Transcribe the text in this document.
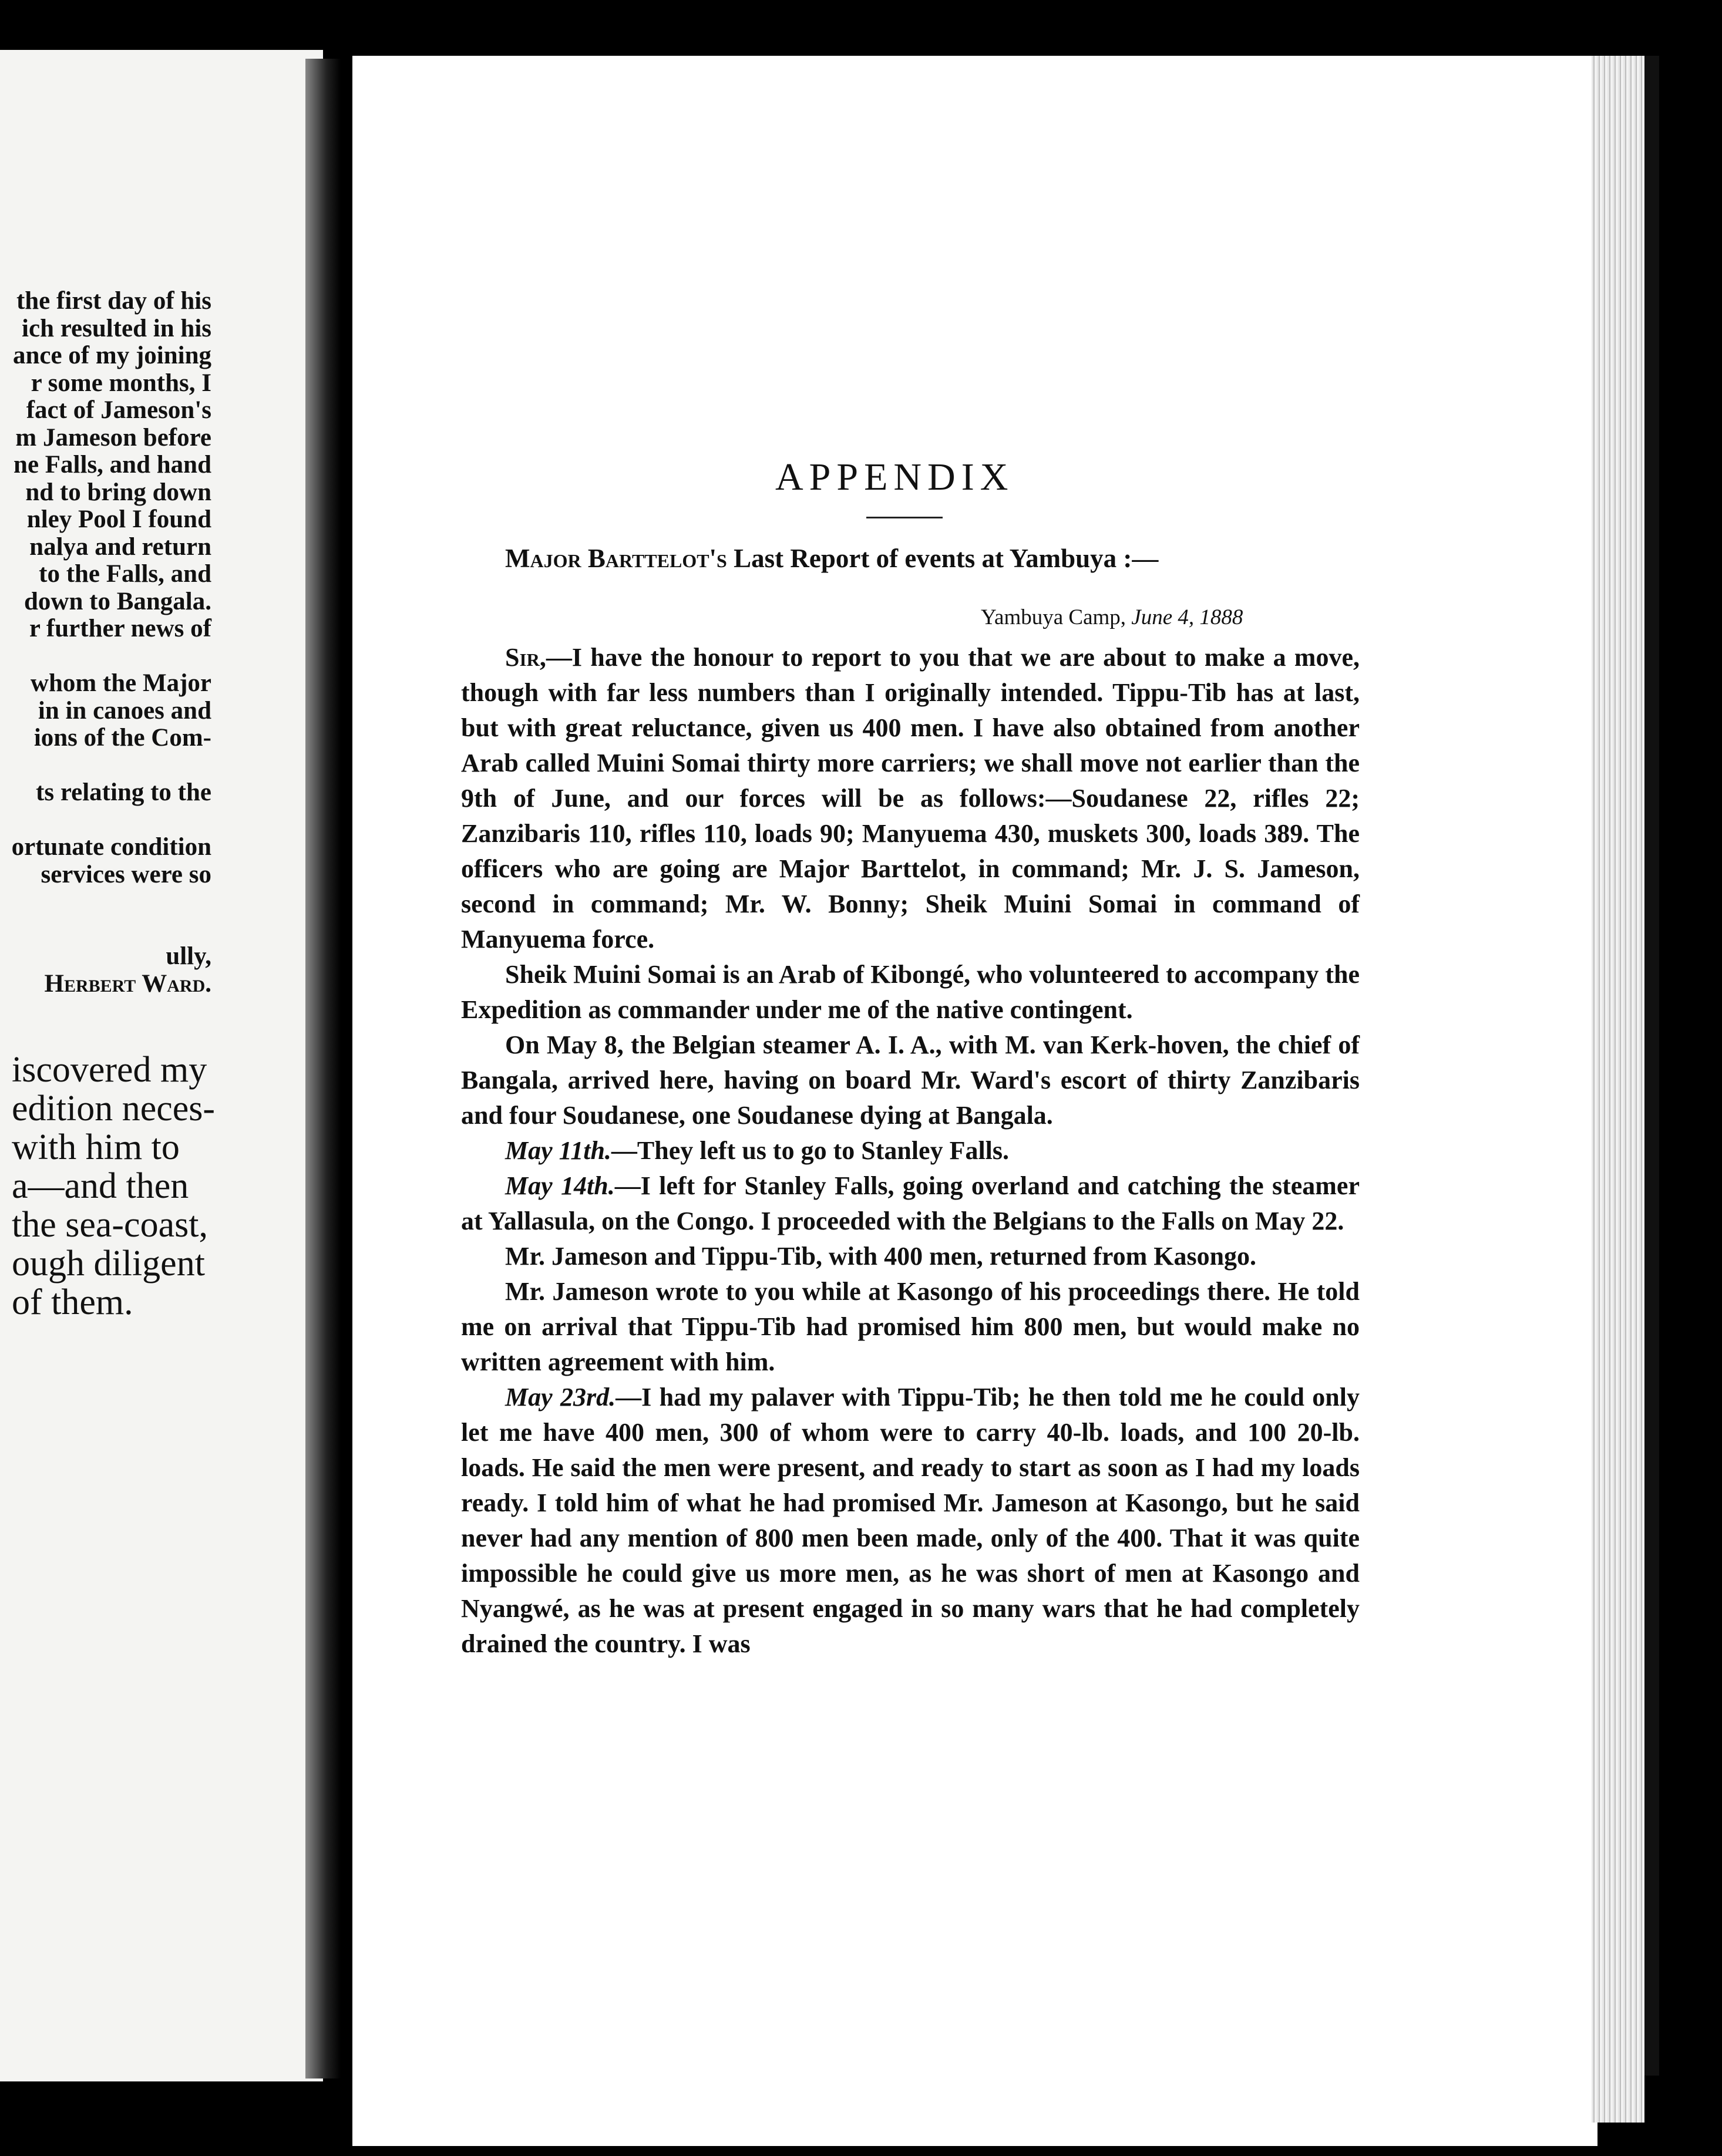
the first day of his
ich resulted in his
ance of my joining
r some months, I
fact of Jameson's
m Jameson before
ne Falls, and hand
nd to bring down
nley Pool I found
nalya and return
to the Falls, and
down to Bangala.
r further news of

whom the Major
in in canoes and
ions of the Com-

ts relating to the

ortunate condition
services were so

ully,
Herbert Ward.
iscovered my
edition neces-
with him to
a—and then
the sea-coast,
ough diligent
of them.
APPENDIX
Major Barttelot's Last Report of events at Yambuya :—
Yambuya Camp, June 4, 1888

Sir,—I have the honour to report to you that we are about to make a move, though with far less numbers than I originally intended. Tippu-Tib has at last, but with great reluctance, given us 400 men. I have also obtained from another Arab called Muini Somai thirty more carriers; we shall move not earlier than the 9th of June, and our forces will be as follows:—Soudanese 22, rifles 22; Zanzibaris 110, rifles 110, loads 90; Manyuema 430, muskets 300, loads 389. The officers who are going are Major Barttelot, in command; Mr. J. S. Jameson, second in command; Mr. W. Bonny; Sheik Muini Somai in command of Manyuema force.

Sheik Muini Somai is an Arab of Kibongé, who volunteered to accompany the Expedition as commander under me of the native contingent.

On May 8, the Belgian steamer A. I. A., with M. van Kerk-hoven, the chief of Bangala, arrived here, having on board Mr. Ward's escort of thirty Zanzibaris and four Soudanese, one Soudanese dying at Bangala.

May 11th.—They left us to go to Stanley Falls.

May 14th.—I left for Stanley Falls, going overland and catching the steamer at Yallasula, on the Congo. I proceeded with the Belgians to the Falls on May 22.

Mr. Jameson and Tippu-Tib, with 400 men, returned from Kasongo.

Mr. Jameson wrote to you while at Kasongo of his proceedings there. He told me on arrival that Tippu-Tib had promised him 800 men, but would make no written agreement with him.

May 23rd.—I had my palaver with Tippu-Tib; he then told me he could only let me have 400 men, 300 of whom were to carry 40-lb. loads, and 100 20-lb. loads. He said the men were present, and ready to start as soon as I had my loads ready. I told him of what he had promised Mr. Jameson at Kasongo, but he said never had any mention of 800 men been made, only of the 400. That it was quite impossible he could give us more men, as he was short of men at Kasongo and Nyangwé, as he was at present engaged in so many wars that he had completely drained the country. I was
